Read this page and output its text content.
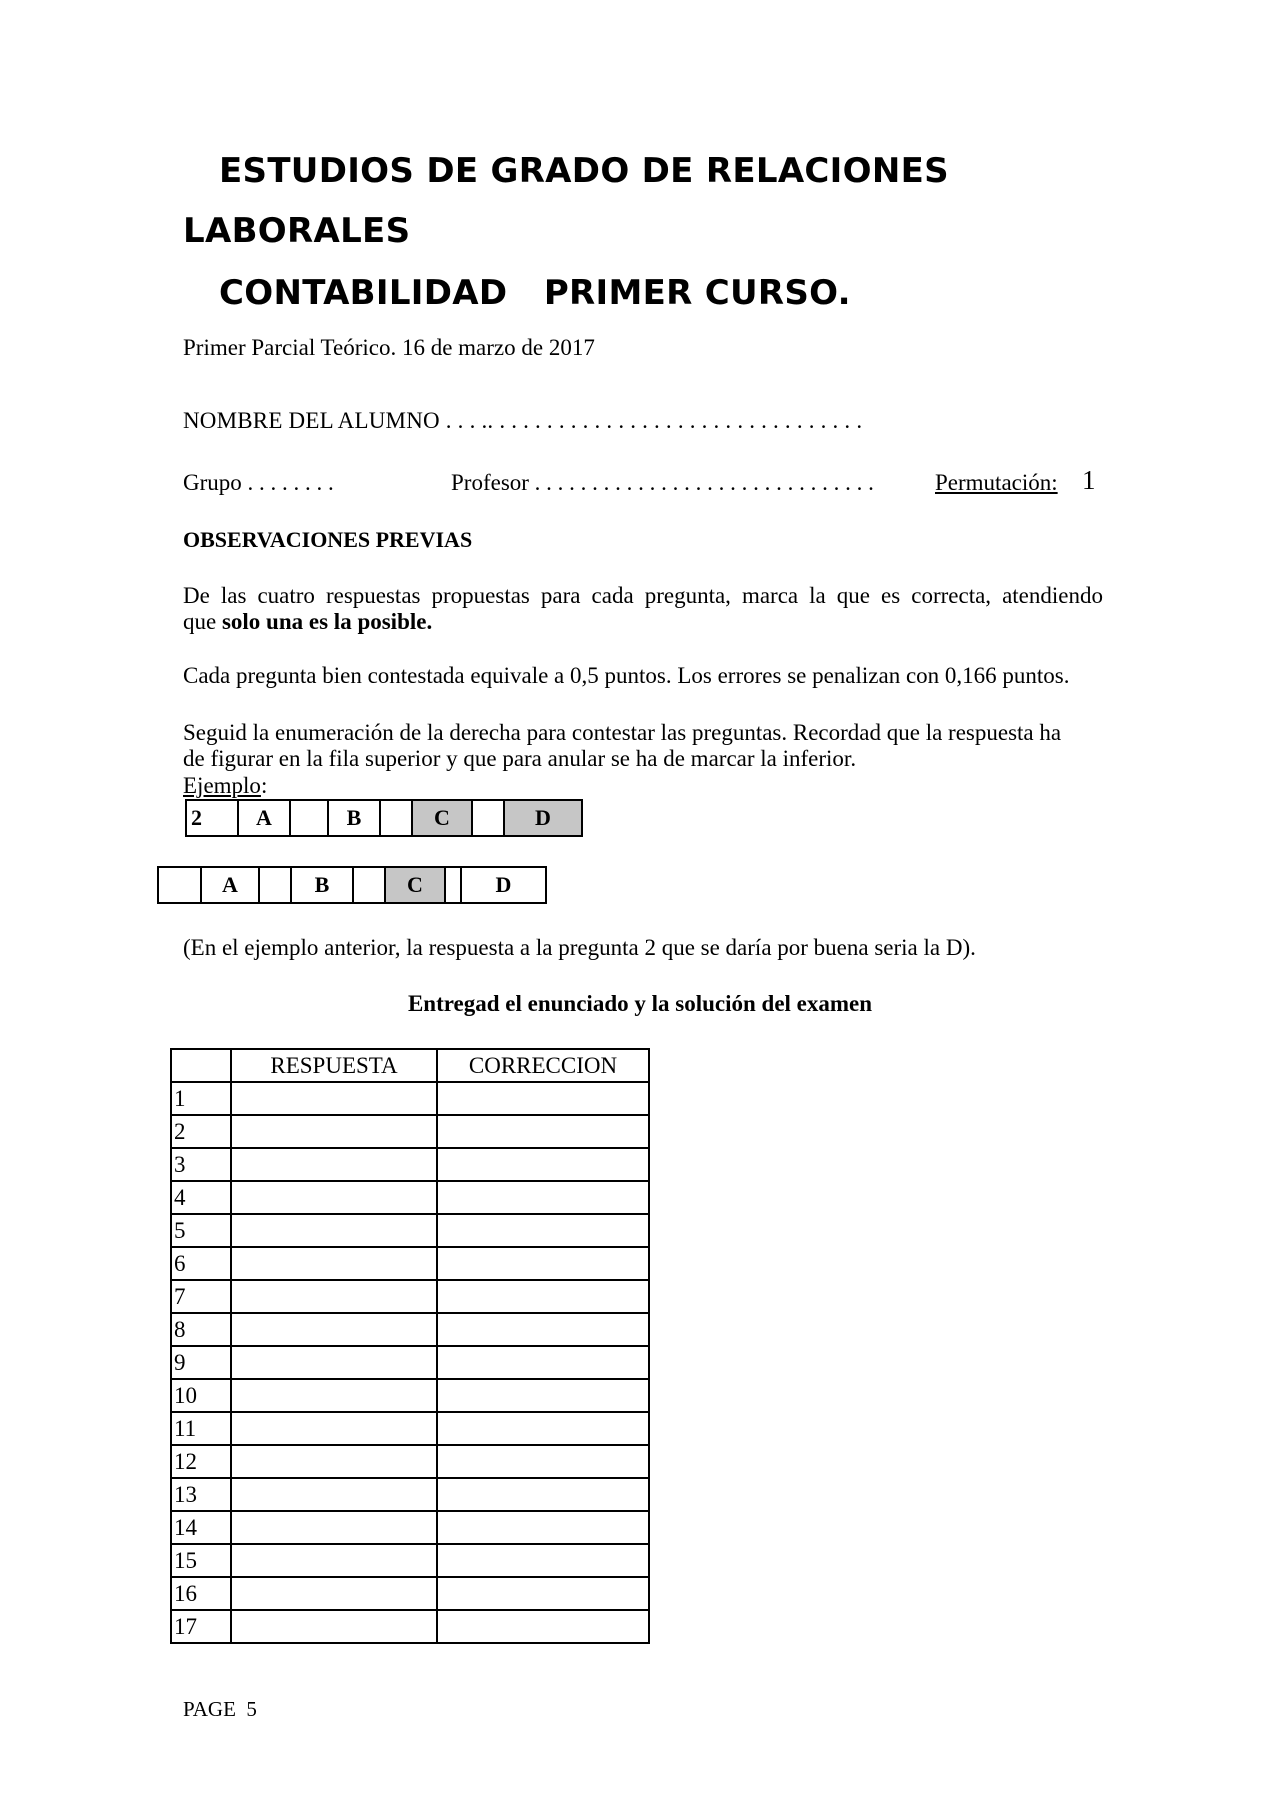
ESTUDIOS DE GRADO DE RELACIONES
LABORALES
CONTABILIDAD   PRIMER CURSO.
Primer Parcial Teórico. 16 de marzo de 2017
NOMBRE DEL ALUMNO . . . .. . . . . . . . . . . . . . . . . . . . . . . . . . . . . . . .
Grupo . . . . . . . .	Profesor . . . . . . . . . . . . . . . . . . . . . . . . . . . . . .	Permutación: 1
OBSERVACIONES PREVIAS
De las cuatro respuestas propuestas para cada pregunta, marca la que es correcta, atendiendo
que solo una es la posible.
Cada pregunta bien contestada equivale a 0,5 puntos. Los errores se penalizan con 0,166 puntos.
Seguid la enumeración de la derecha para contestar las preguntas. Recordad que la respuesta ha
de figurar en la fila superior y que para anular se ha de marcar la inferior.
Ejemplo:
2	A		B		C		D
	A		B		C		D
(En el ejemplo anterior, la respuesta a la pregunta 2 que se daría por buena seria la D).
Entregad el enunciado y la solución del examen
	RESPUESTA	CORRECCION
1		
2		
3		
4		
5		
6		
7		
8		
9		
10		
11		
12		
13		
14		
15		
16		
17		
PAGE  5
